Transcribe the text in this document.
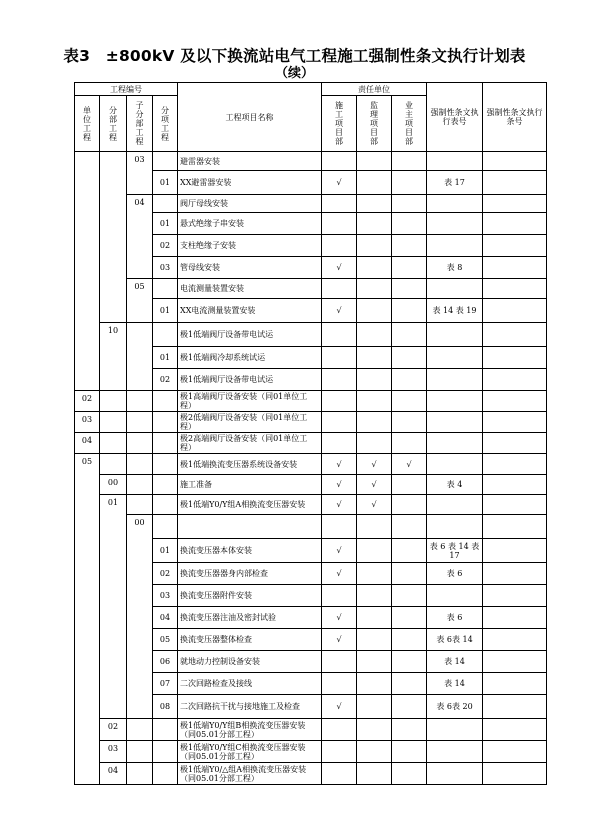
表3　±800kV 及以下换流站电气工程施工强制性条文执行计划表
（续）
工程编号				工程项目名称	责任单位			强制性条文执行表号	强制性条文执行条号
单位工程	分部工程	子分部工程	分项工程		施工项目部	监理项目部	业主项目部		
		03		避雷器安装					
			01	XX避雷器安装	√			表 17	
		04		阀厅母线安装					
			01	悬式绝缘子串安装					
			02	支柱绝缘子安装					
			03	管母线安装	√			表 8	
		05		电流测量装置安装					
			01	XX电流测量装置安装	√			表 14 表 19	
	10			极1低端阀厅设备带电试运					
			01	极1低端阀冷却系统试运					
			02	极1低端阀厅设备带电试运					
02				极1高端阀厅设备安装（同01单位工程）					
03				极2低端阀厅设备安装（同01单位工程）					
04				极2高端阀厅设备安装（同01单位工程）					
05				极1低端换流变压器系统设备安装	√	√	√		
	00			施工准备	√	√		表 4	
	01			极1低端Y0/Y组A相换流变压器安装	√	√			
		00							
			01	换流变压器本体安装	√			表 6 表 14 表 17	
			02	换流变压器器身内部检查	√			表 6	
			03	换流变压器附件安装					
			04	换流变压器注油及密封试验	√			表 6	
			05	换流变压器整体检查	√			表 6表 14	
			06	就地动力控制设备安装				表 14	
			07	二次回路检查及接线				表 14	
			08	二次回路抗干扰与接地施工及检查	√			表 6表 20	
	02			极1低端Y0/Y组B相换流变压器安装（同05.01分部工程）					
	03			极1低端Y0/Y组C相换流变压器安装（同05.01分部工程）					
	04			极1低端Y0/△组A相换流变压器安装（同05.01分部工程）					
